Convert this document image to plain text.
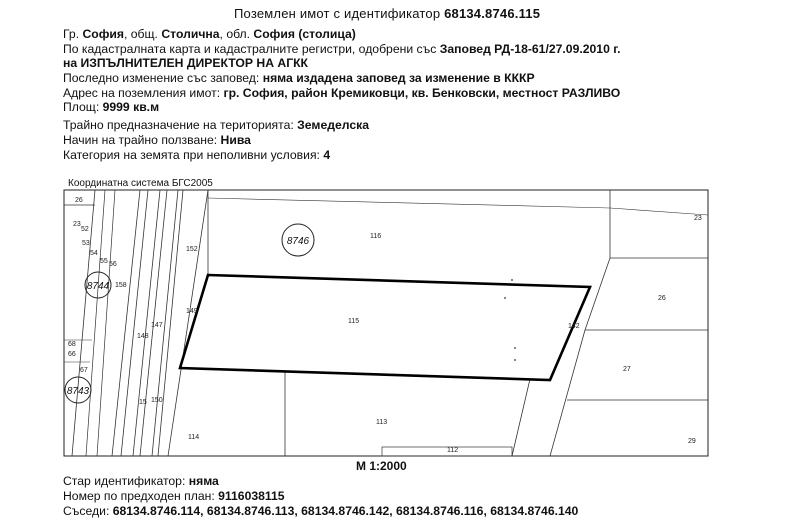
Поземлен имот с идентификатор 68134.8746.115
Гр. София, общ. Столична, обл. София (столица)
По кадастралната карта и кадастралните регистри, одобрени със Заповед РД-18-61/27.09.2010 г.
на ИЗПЪЛНИТЕЛЕН ДИРЕКТОР НА АГКК
Последно изменение със заповед: няма издадена заповед за изменение в КККР
Адрес на поземления имот: гр. София, район Кремиковци, кв. Бенковски, местност РАЗЛИВО
Площ: 9999 кв.м
Трайно предназначение на територията: Земеделска
Начин на трайно ползване: Нива
Категория на земята при неполивни условия: 4
Координатна система БГС2005
8746
8744
8743
26
23
52
53
54
55 56
158
68
66
67
152
116
115
149
147
148
114
113
112
23
26
142
27
29
150
15
М 1:2000
Стар идентификатор: няма
Номер по предходен план: 9116038115
Съседи: 68134.8746.114, 68134.8746.113, 68134.8746.142, 68134.8746.116, 68134.8746.140
